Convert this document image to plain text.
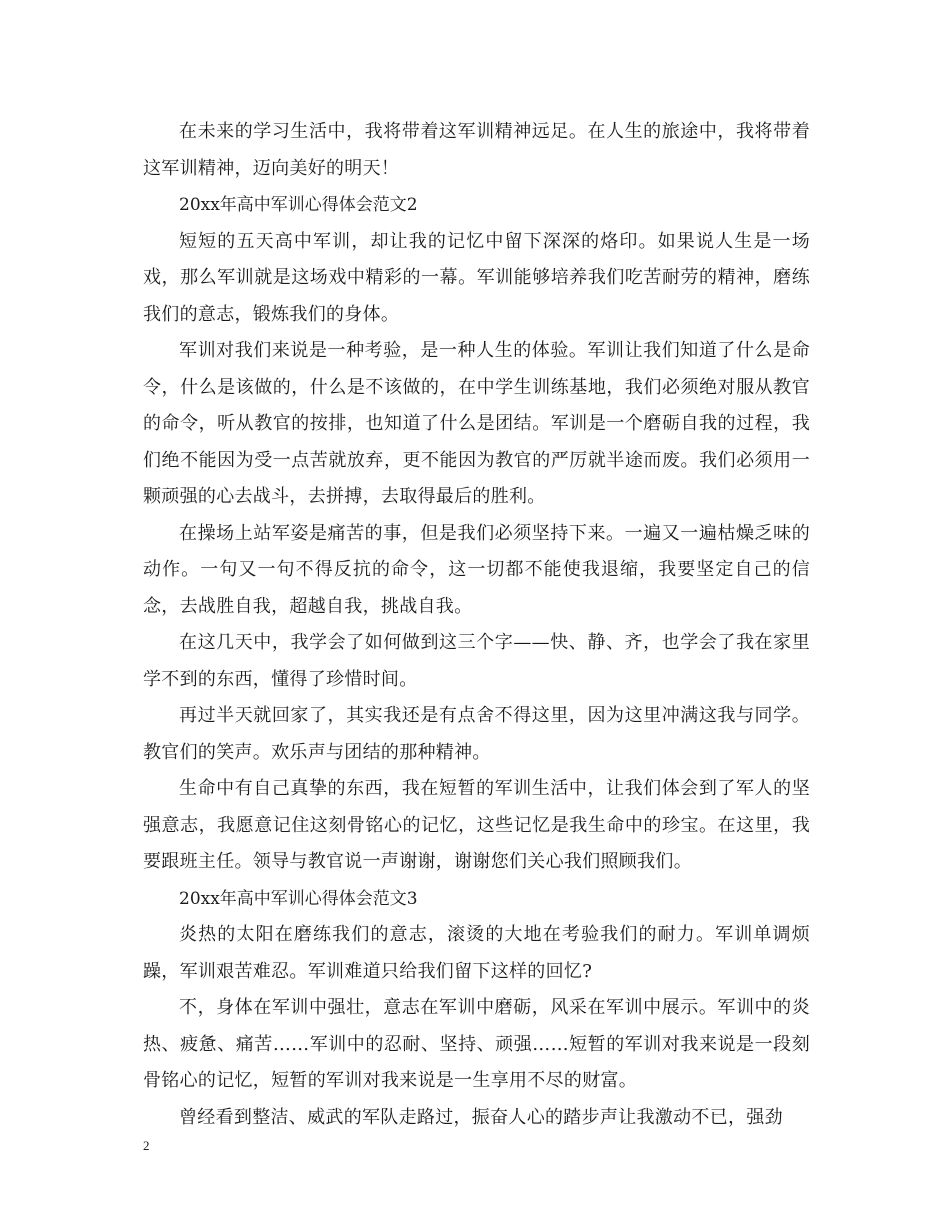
在未来的学习生活中，我将带着这军训精神远足。在人生的旅途中，我将带着这军训精神，迈向美好的明天！

20xx年高中军训心得体会范文2

短短的五天高中军训，却让我的记忆中留下深深的烙印。如果说人生是一场戏，那么军训就是这场戏中精彩的一幕。军训能够培养我们吃苦耐劳的精神，磨练我们的意志，锻炼我们的身体。

军训对我们来说是一种考验，是一种人生的体验。军训让我们知道了什么是命令，什么是该做的，什么是不该做的，在中学生训练基地，我们必须绝对服从教官的命令，听从教官的按排，也知道了什么是团结。军训是一个磨砺自我的过程，我们绝不能因为受一点苦就放弃，更不能因为教官的严厉就半途而废。我们必须用一颗顽强的心去战斗，去拼搏，去取得最后的胜利。

在操场上站军姿是痛苦的事，但是我们必须坚持下来。一遍又一遍枯燥乏味的动作。一句又一句不得反抗的命令，这一切都不能使我退缩，我要坚定自己的信念，去战胜自我，超越自我，挑战自我。

在这几天中，我学会了如何做到这三个字——快、静、齐，也学会了我在家里学不到的东西，懂得了珍惜时间。

再过半天就回家了，其实我还是有点舍不得这里，因为这里冲满这我与同学。教官们的笑声。欢乐声与团结的那种精神。

生命中有自己真挚的东西，我在短暂的军训生活中，让我们体会到了军人的坚强意志，我愿意记住这刻骨铭心的记忆，这些记忆是我生命中的珍宝。在这里，我要跟班主任。领导与教官说一声谢谢，谢谢您们关心我们照顾我们。

20xx年高中军训心得体会范文3

炎热的太阳在磨练我们的意志，滚烫的大地在考验我们的耐力。军训单调烦躁，军训艰苦难忍。军训难道只给我们留下这样的回忆?

不，身体在军训中强壮，意志在军训中磨砺，风采在军训中展示。军训中的炎热、疲惫、痛苦……军训中的忍耐、坚持、顽强……短暂的军训对我来说是一段刻骨铭心的记忆，短暂的军训对我来说是一生享用不尽的财富。

曾经看到整洁、威武的军队走路过，振奋人心的踏步声让我激动不已，强劲

2
